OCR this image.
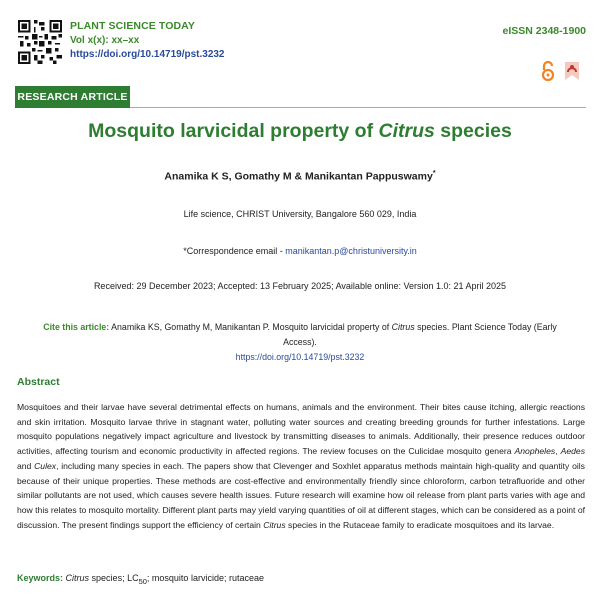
PLANT SCIENCE TODAY
Vol x(x): xx–xx
https://doi.org/10.14719/pst.3232
eISSN 2348-1900
RESEARCH ARTICLE
Mosquito larvicidal property of Citrus species
Anamika K S, Gomathy M & Manikantan Pappuswamy*
Life science, CHRIST University, Bangalore 560 029, India
*Correspondence email - manikantan.p@christuniversity.in
Received: 29 December 2023; Accepted: 13 February 2025; Available online: Version 1.0: 21 April 2025
Cite this article: Anamika KS, Gomathy M, Manikantan P. Mosquito larvicidal property of Citrus species. Plant Science Today (Early Access).
https://doi.org/10.14719/pst.3232
Abstract
Mosquitoes and their larvae have several detrimental effects on humans, animals and the environment. Their bites cause itching, allergic reactions and skin irritation. Mosquito larvae thrive in stagnant water, polluting water sources and creating breeding grounds for further infestations. Large mosquito populations negatively impact agriculture and livestock by transmitting diseases to animals. Additionally, their presence reduces outdoor activities, affecting tourism and economic productivity in affected regions. The review focuses on the Culicidae mosquito genera Anopheles, Aedes and Culex, including many species in each. The papers show that Clevenger and Soxhlet apparatus methods maintain high-quality and quantity oils because of their unique properties. These methods are cost-effective and environmentally friendly since chloroform, carbon tetrafluoride and other similar pollutants are not used, which causes severe health issues. Future research will examine how oil release from plant parts varies with age and how this relates to mosquito mortality. Different plant parts may yield varying quantities of oil at different stages, which can be considered as a point of discussion. The present findings support the efficiency of certain Citrus species in the Rutaceae family to eradicate mosquitoes and its larvae.
Keywords: Citrus species; $LC_{50}$; mosquito larvicide; rutaceae
